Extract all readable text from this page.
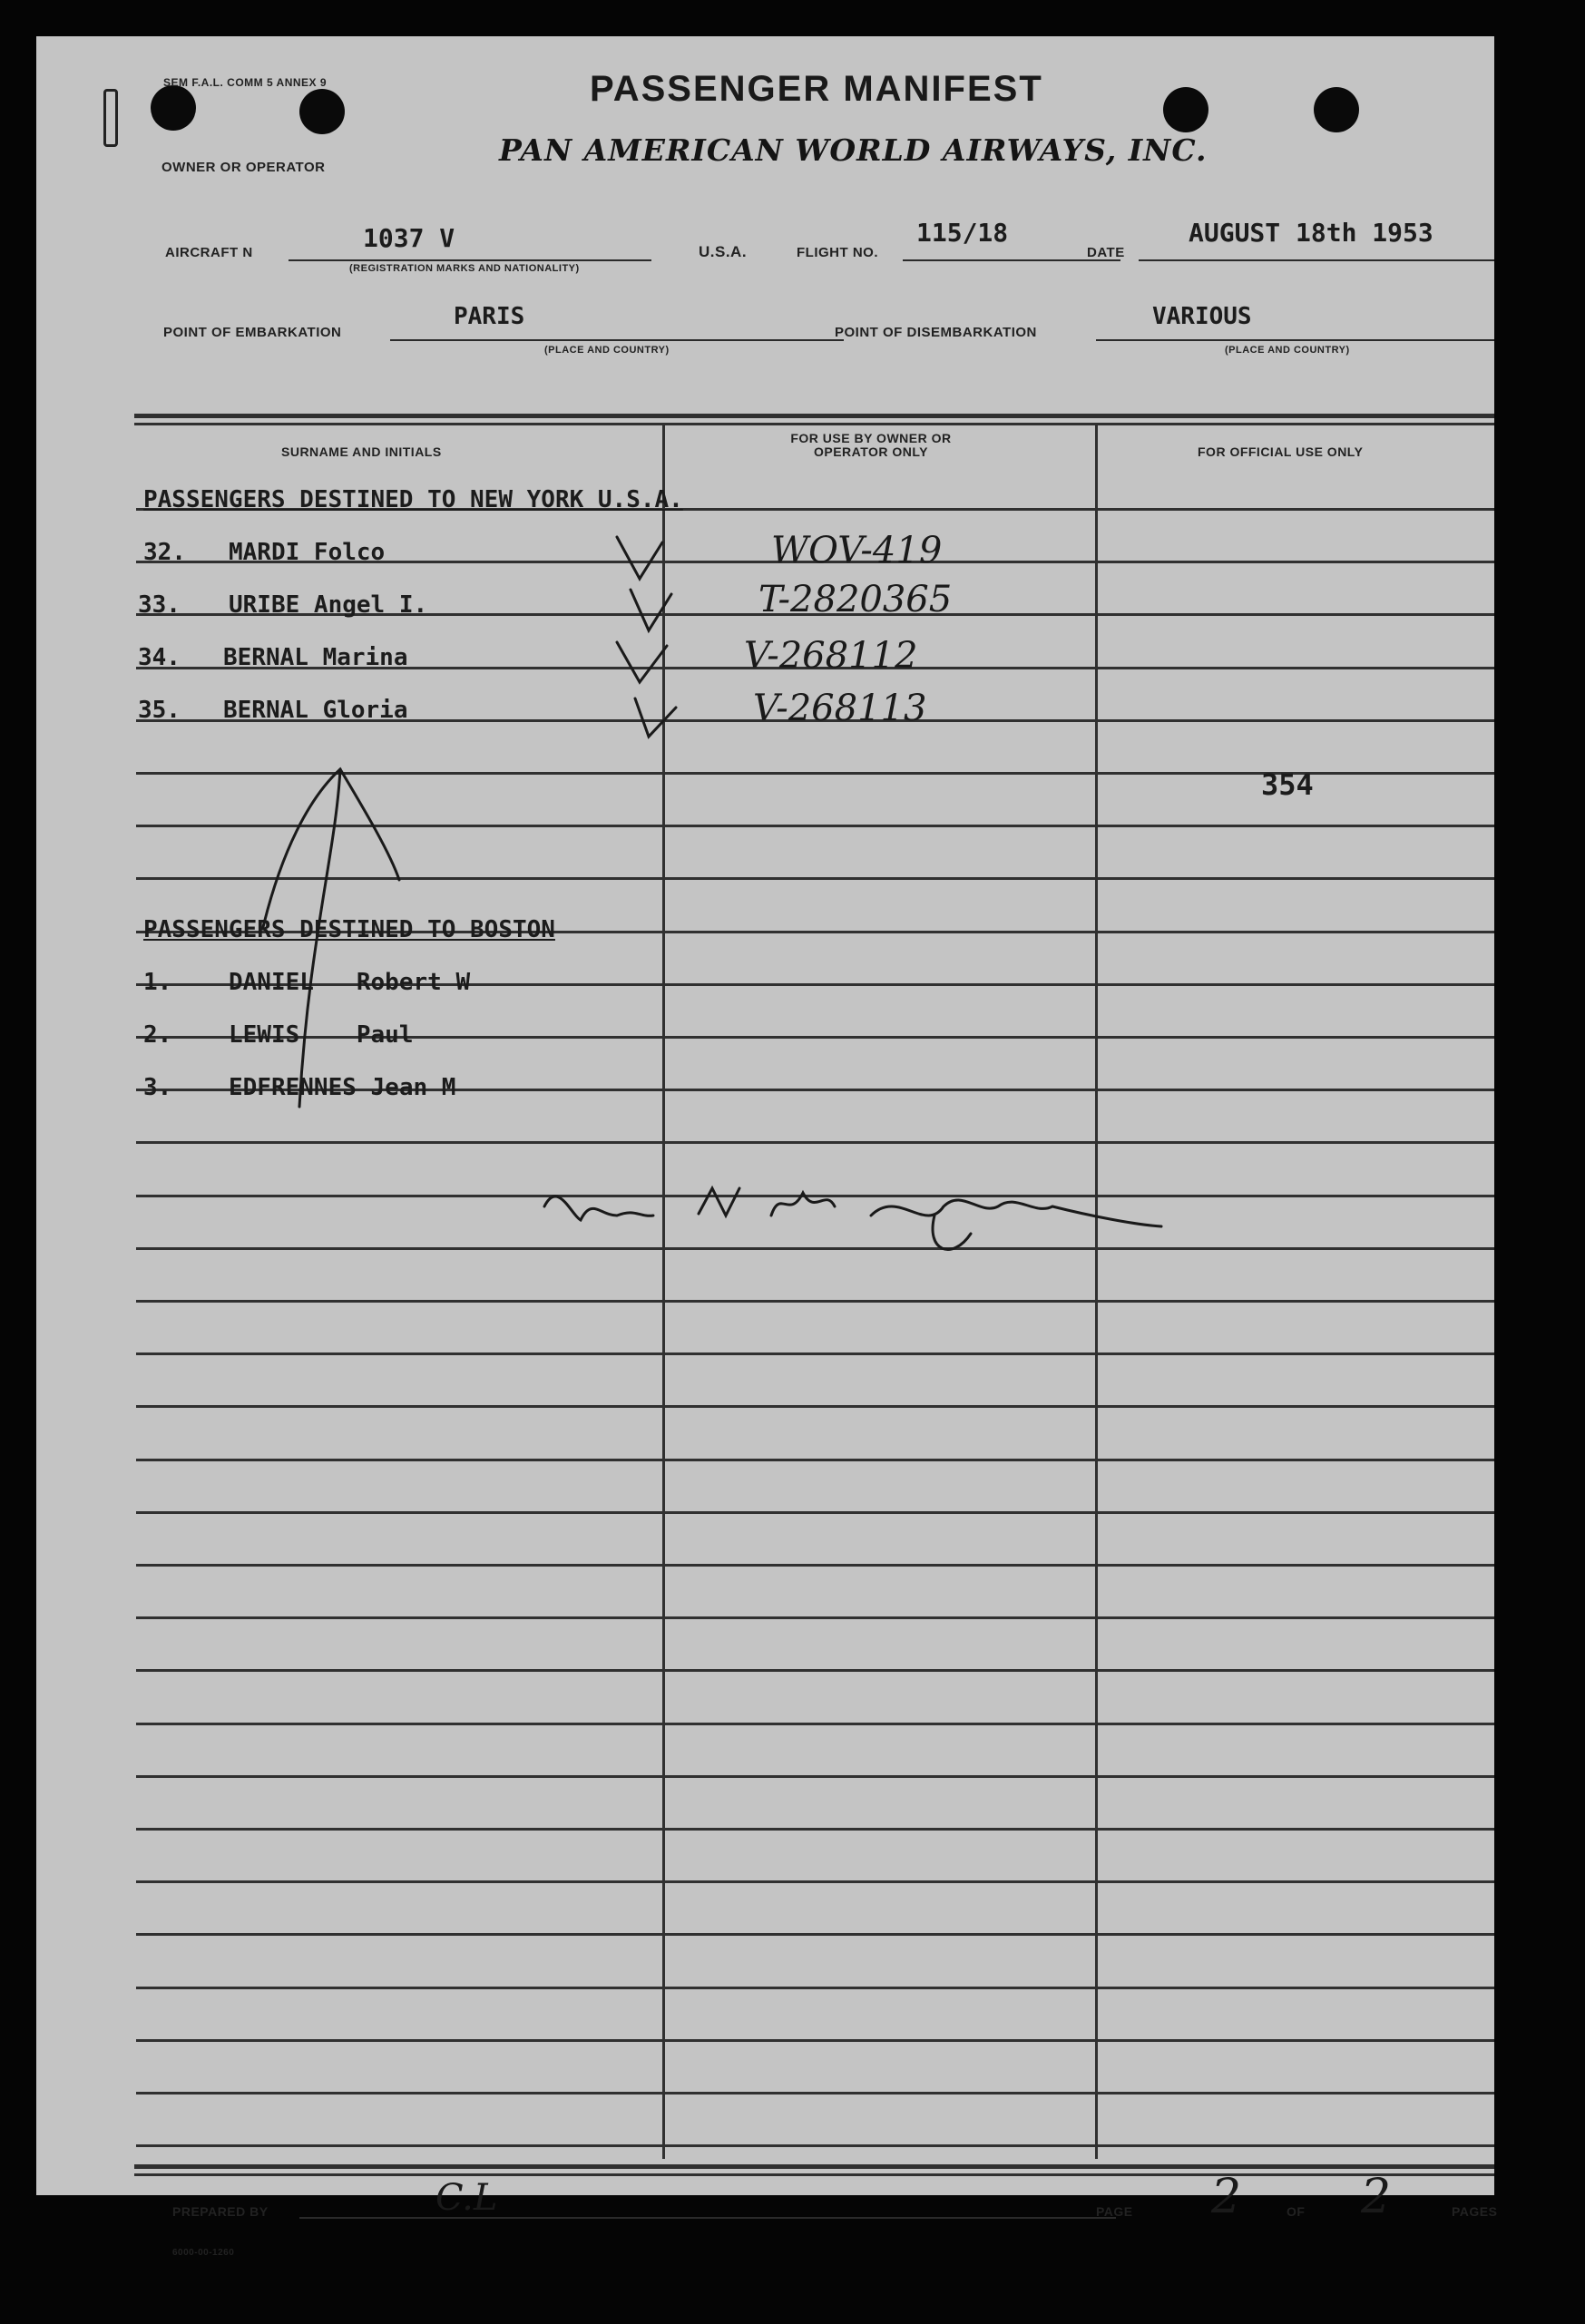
SEM F.A.L. COMM 5 ANNEX 9	PASSENGER MANIFEST
PAN AMERICAN WORLD AIRWAYS, INC.
OWNER OR OPERATOR
AIRCRAFT N	1037 V
(REGISTRATION MARKS AND NATIONALITY)
U.S.A.	FLIGHT NO.
115/18
DATE
AUGUST 18th 1953
POINT OF EMBARKATION
PARIS
(PLACE AND COUNTRY)
POINT OF DISEMBARKATION
VARIOUS
(PLACE AND COUNTRY)
SURNAME AND INITIALS
FOR USE BY OWNER OR OPERATOR ONLY	FOR OFFICIAL USE ONLY
PASSENGERS DESTINED TO NEW YORK U.S.A.
32. MARDI Folco	WOV-419
33. URIBE Angel I.	T-2820365
34. BERNAL Marina	V-268112
35. BERNAL Gloria	V-268113
354
PASSENGERS DESTINED TO BOSTON
1. DANIEL   Robert W
2. LEWIS    Paul
3. EDFRENNES Jean M
PREPARED BY	C.L	PAGE 2	OF 2	PAGES
6000-00-1260
